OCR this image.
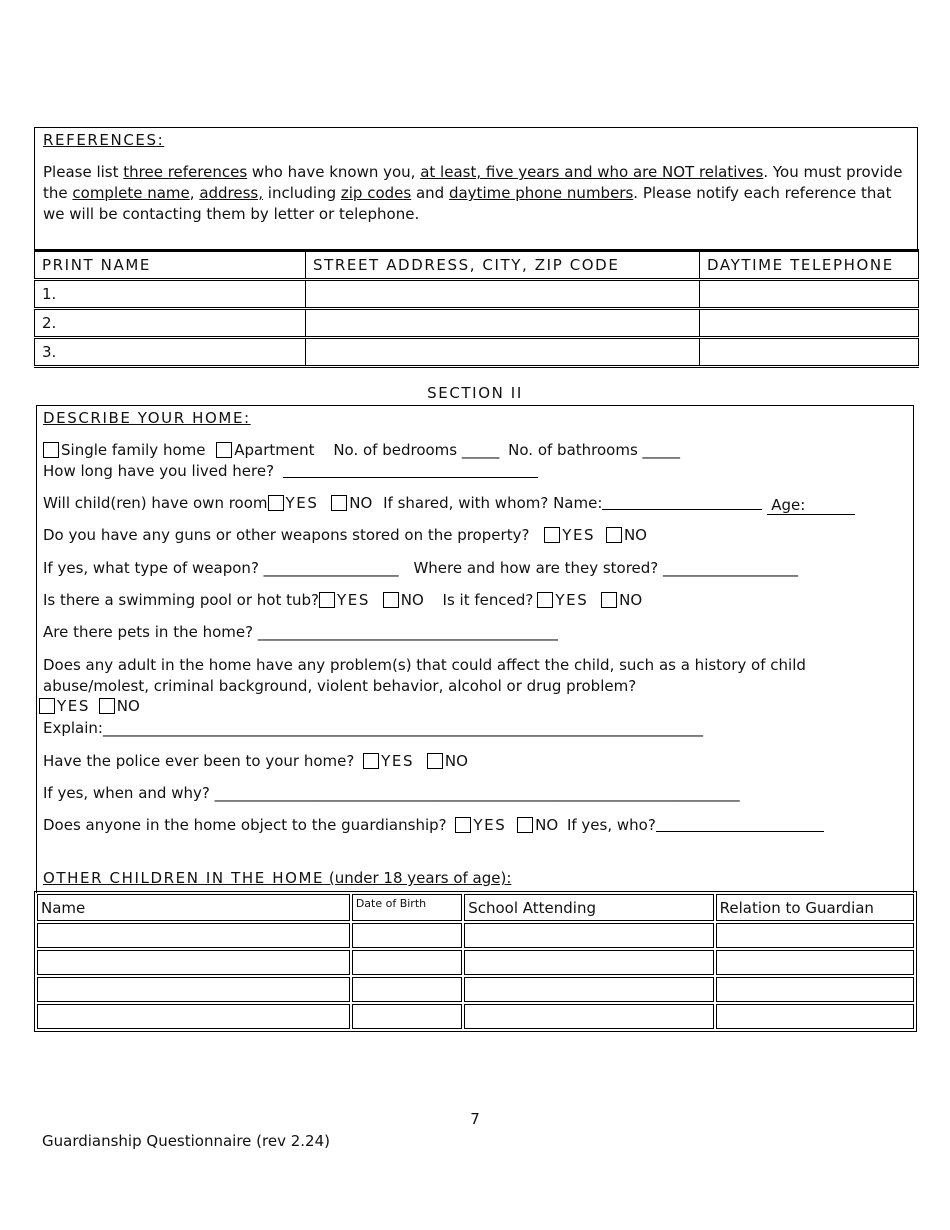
REFERENCES:
Please list three references who have known you, at least, five years and who are NOT relatives. You must provide the complete name, address, including zip codes and daytime phone numbers. Please notify each reference that we will be contacting them by letter or telephone.
PRINT NAME	STREET ADDRESS, CITY, ZIP CODE	DAYTIME TELEPHONE
1.		
2.		
3.		
SECTION II
DESCRIBE YOUR HOME:
Single family home Apartment No. of bedrooms _____ No. of bathrooms _____
How long have you lived here?
Will child(ren) have own room YES NO If shared, with whom? Name:	Age:
Do you have any guns or other weapons stored on the property? YES NO
If yes, what type of weapon? __________________ Where and how are they stored? __________________
Is there a swimming pool or hot tub? YES NO Is it fenced? YES NO
Are there pets in the home? ________________________________________
Does any adult in the home have any problem(s) that could affect the child, such as a history of child abuse/molest, criminal background, violent behavior, alcohol or drug problem?
YES NO
Explain:________________________________________________________________________________
Have the police ever been to your home? YES NO
If yes, when and why? ______________________________________________________________________
Does anyone in the home object to the guardianship? YES NO If yes, who?
OTHER CHILDREN IN THE HOME (under 18 years of age):
Name	Date of Birth	School Attending	Relation to Guardian

7
Guardianship Questionnaire (rev 2.24)
